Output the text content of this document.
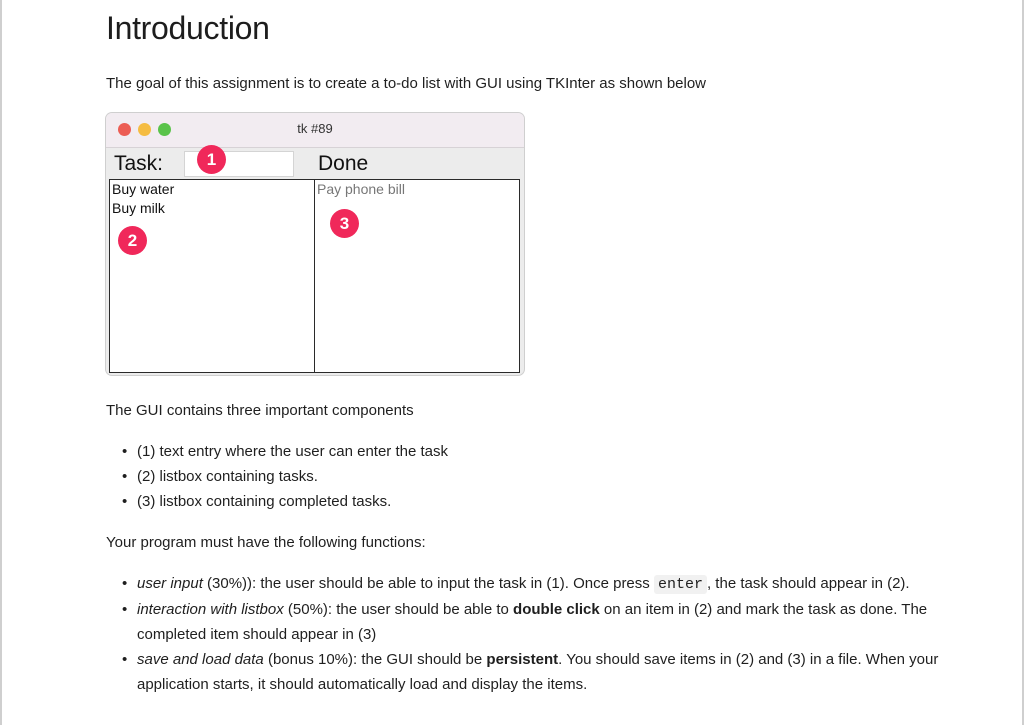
Introduction

The goal of this assignment is to create a to-do list with GUI using TKInter as shown below

tk #89
Task:	Done
Buy water
Buy milk
Pay phone bill
1
2
3

The GUI contains three important components

• (1) text entry where the user can enter the task
• (2) listbox containing tasks.
• (3) listbox containing completed tasks.

Your program must have the following functions:

• user input (30%)): the user should be able to input the task in (1). Once press enter , the task should appear in (2).
• interaction with listbox (50%): the user should be able to double click on an item in (2) and mark the task as done. The completed item should appear in (3)
• save and load data (bonus 10%): the GUI should be persistent. You should save items in (2) and (3) in a file. When your application starts, it should automatically load and display the items.
